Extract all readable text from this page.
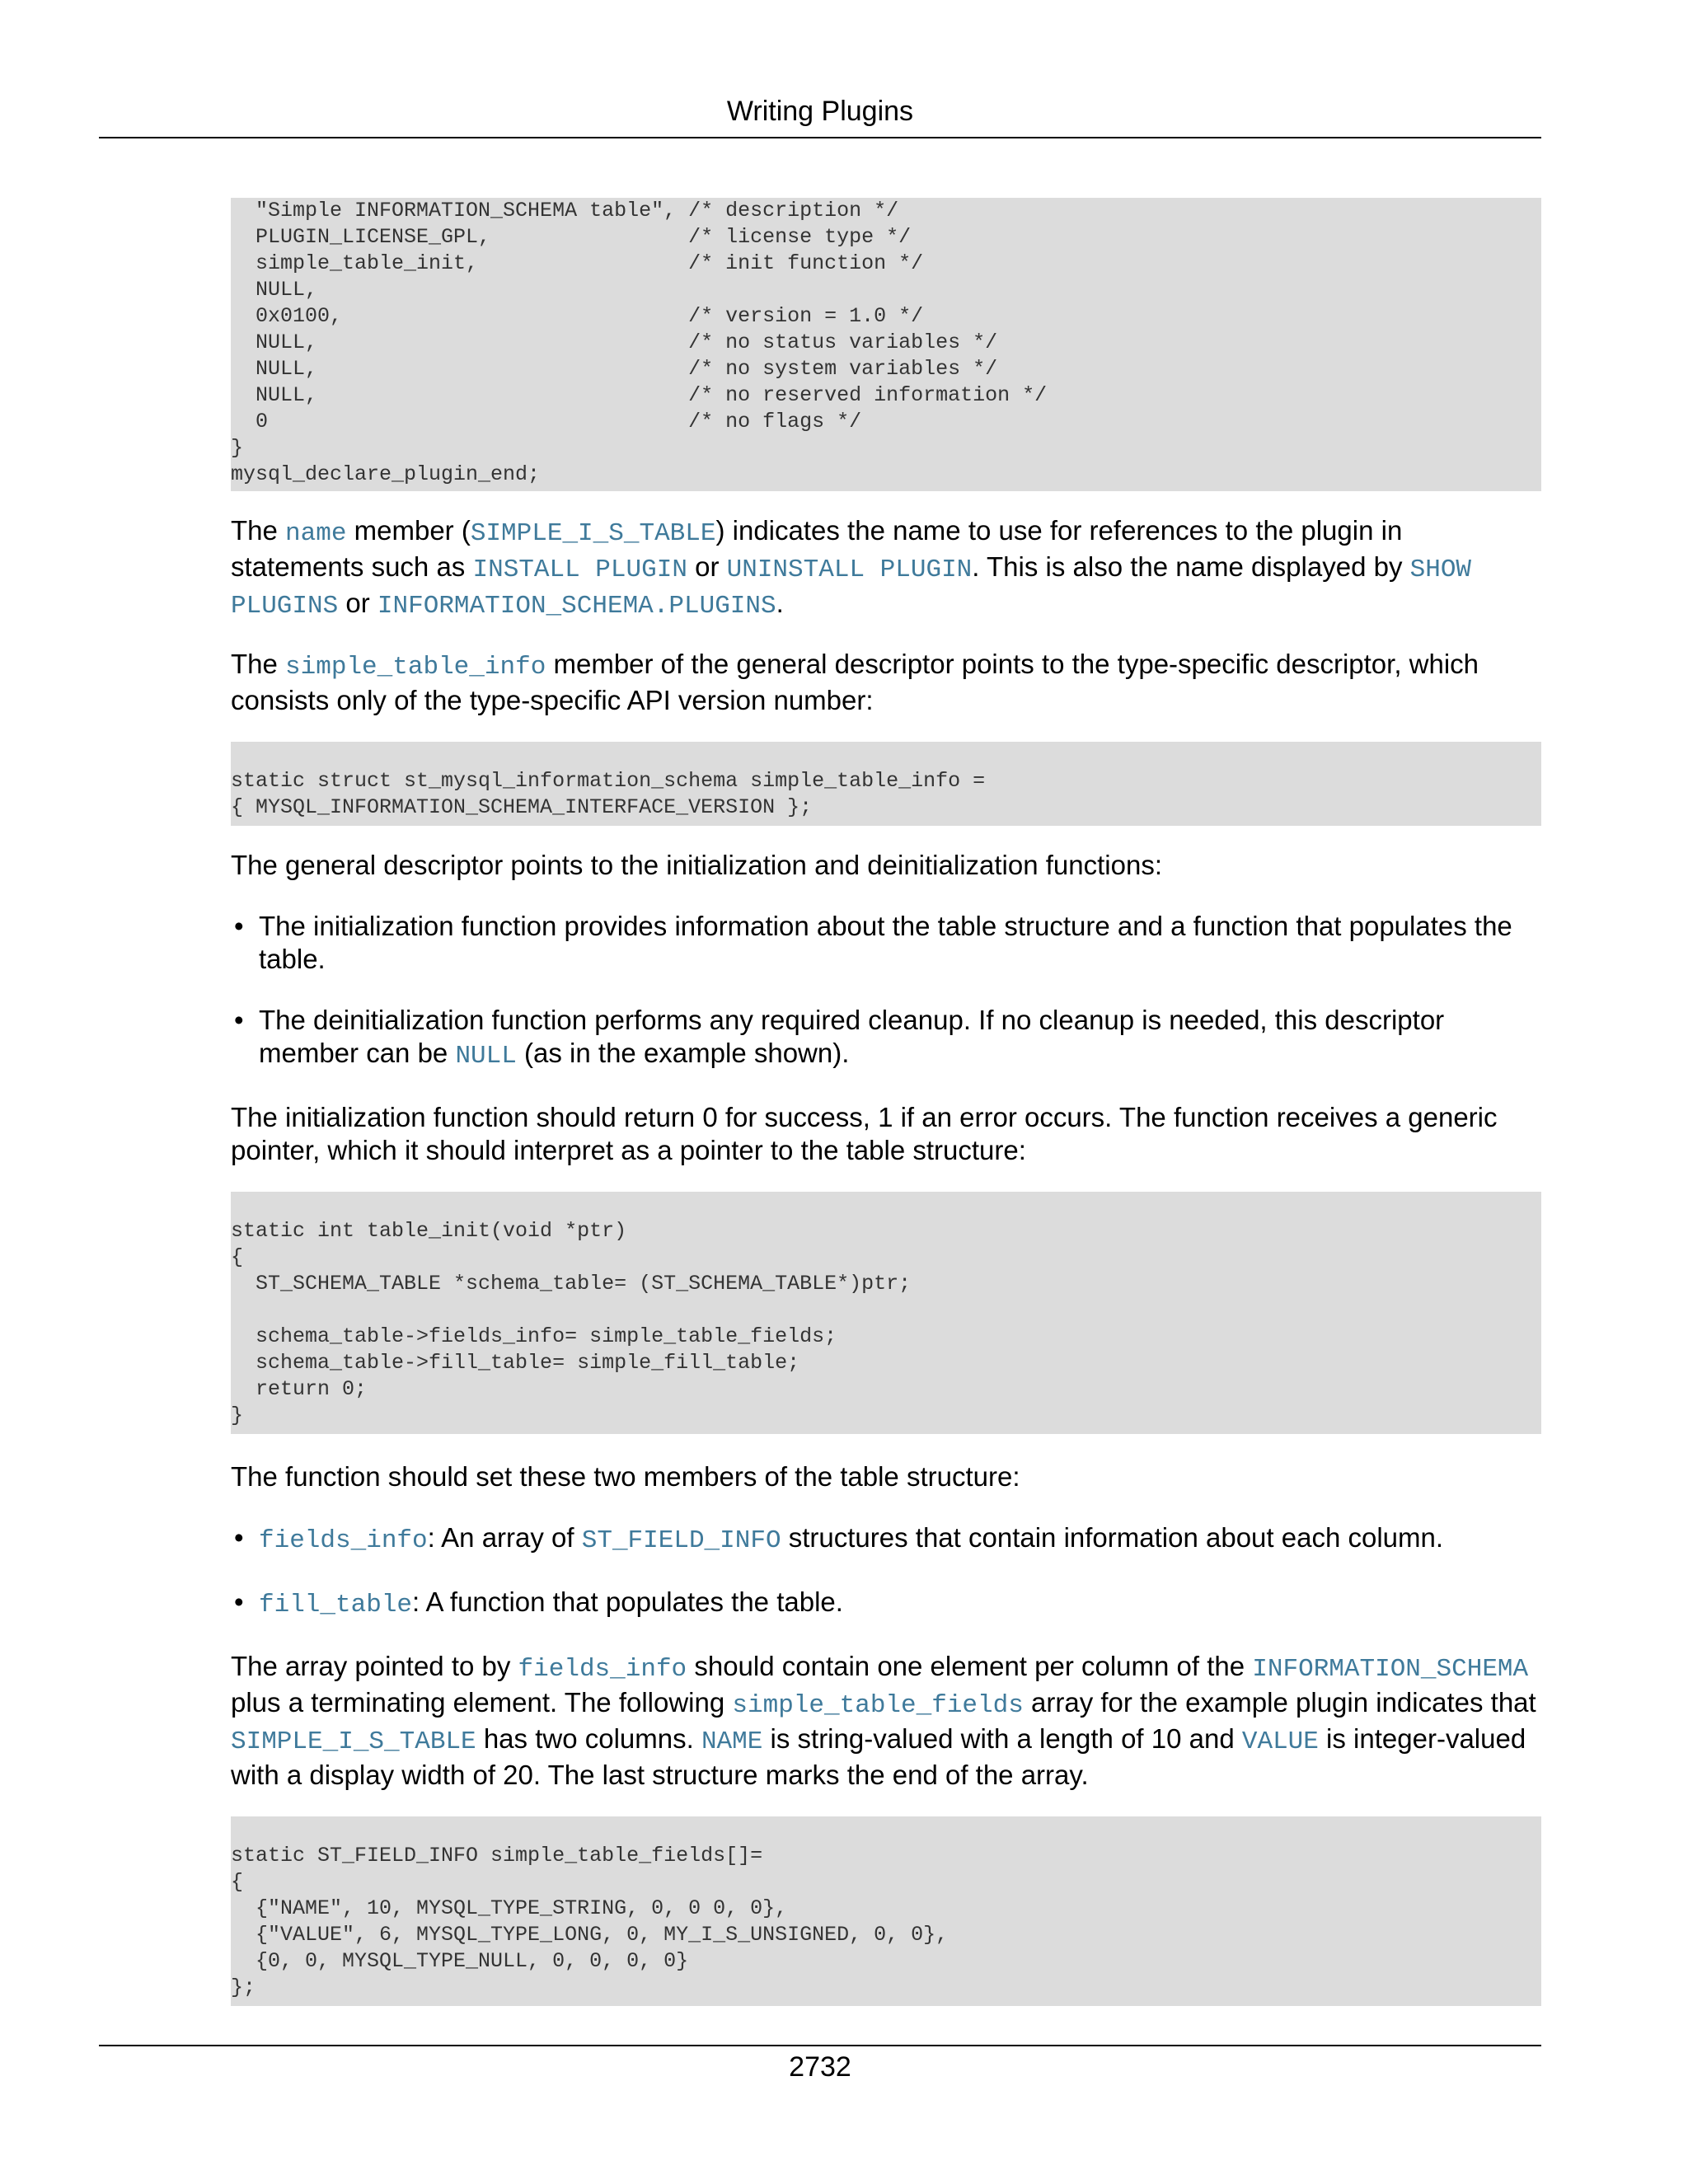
Writing Plugins
"Simple INFORMATION_SCHEMA table", /* description */
PLUGIN_LICENSE_GPL,                /* license type */
simple_table_init,                 /* init function */
NULL,
0x0100,                            /* version = 1.0 */
NULL,                              /* no status variables */
NULL,                              /* no system variables */
NULL,                              /* no reserved information */
0                                  /* no flags */
}
mysql_declare_plugin_end;

The name member (SIMPLE_I_S_TABLE) indicates the name to use for references to the plugin in statements such as INSTALL PLUGIN or UNINSTALL PLUGIN. This is also the name displayed by SHOW PLUGINS or INFORMATION_SCHEMA.PLUGINS.

The simple_table_info member of the general descriptor points to the type-specific descriptor, which consists only of the type-specific API version number:

static struct st_mysql_information_schema simple_table_info =
{ MYSQL_INFORMATION_SCHEMA_INTERFACE_VERSION };

The general descriptor points to the initialization and deinitialization functions:

• The initialization function provides information about the table structure and a function that populates the table.
• The deinitialization function performs any required cleanup. If no cleanup is needed, this descriptor member can be NULL (as in the example shown).

The initialization function should return 0 for success, 1 if an error occurs. The function receives a generic pointer, which it should interpret as a pointer to the table structure:

static int table_init(void *ptr)
{
ST_SCHEMA_TABLE *schema_table= (ST_SCHEMA_TABLE*)ptr;

schema_table->fields_info= simple_table_fields;
schema_table->fill_table= simple_fill_table;
return 0;
}

The function should set these two members of the table structure:

• fields_info: An array of ST_FIELD_INFO structures that contain information about each column.
• fill_table: A function that populates the table.

The array pointed to by fields_info should contain one element per column of the INFORMATION_SCHEMA plus a terminating element. The following simple_table_fields array for the example plugin indicates that SIMPLE_I_S_TABLE has two columns. NAME is string-valued with a length of 10 and VALUE is integer-valued with a display width of 20. The last structure marks the end of the array.

static ST_FIELD_INFO simple_table_fields[]=
{
{"NAME", 10, MYSQL_TYPE_STRING, 0, 0 0, 0},
{"VALUE", 6, MYSQL_TYPE_LONG, 0, MY_I_S_UNSIGNED, 0, 0},
{0, 0, MYSQL_TYPE_NULL, 0, 0, 0, 0}
};
2732
